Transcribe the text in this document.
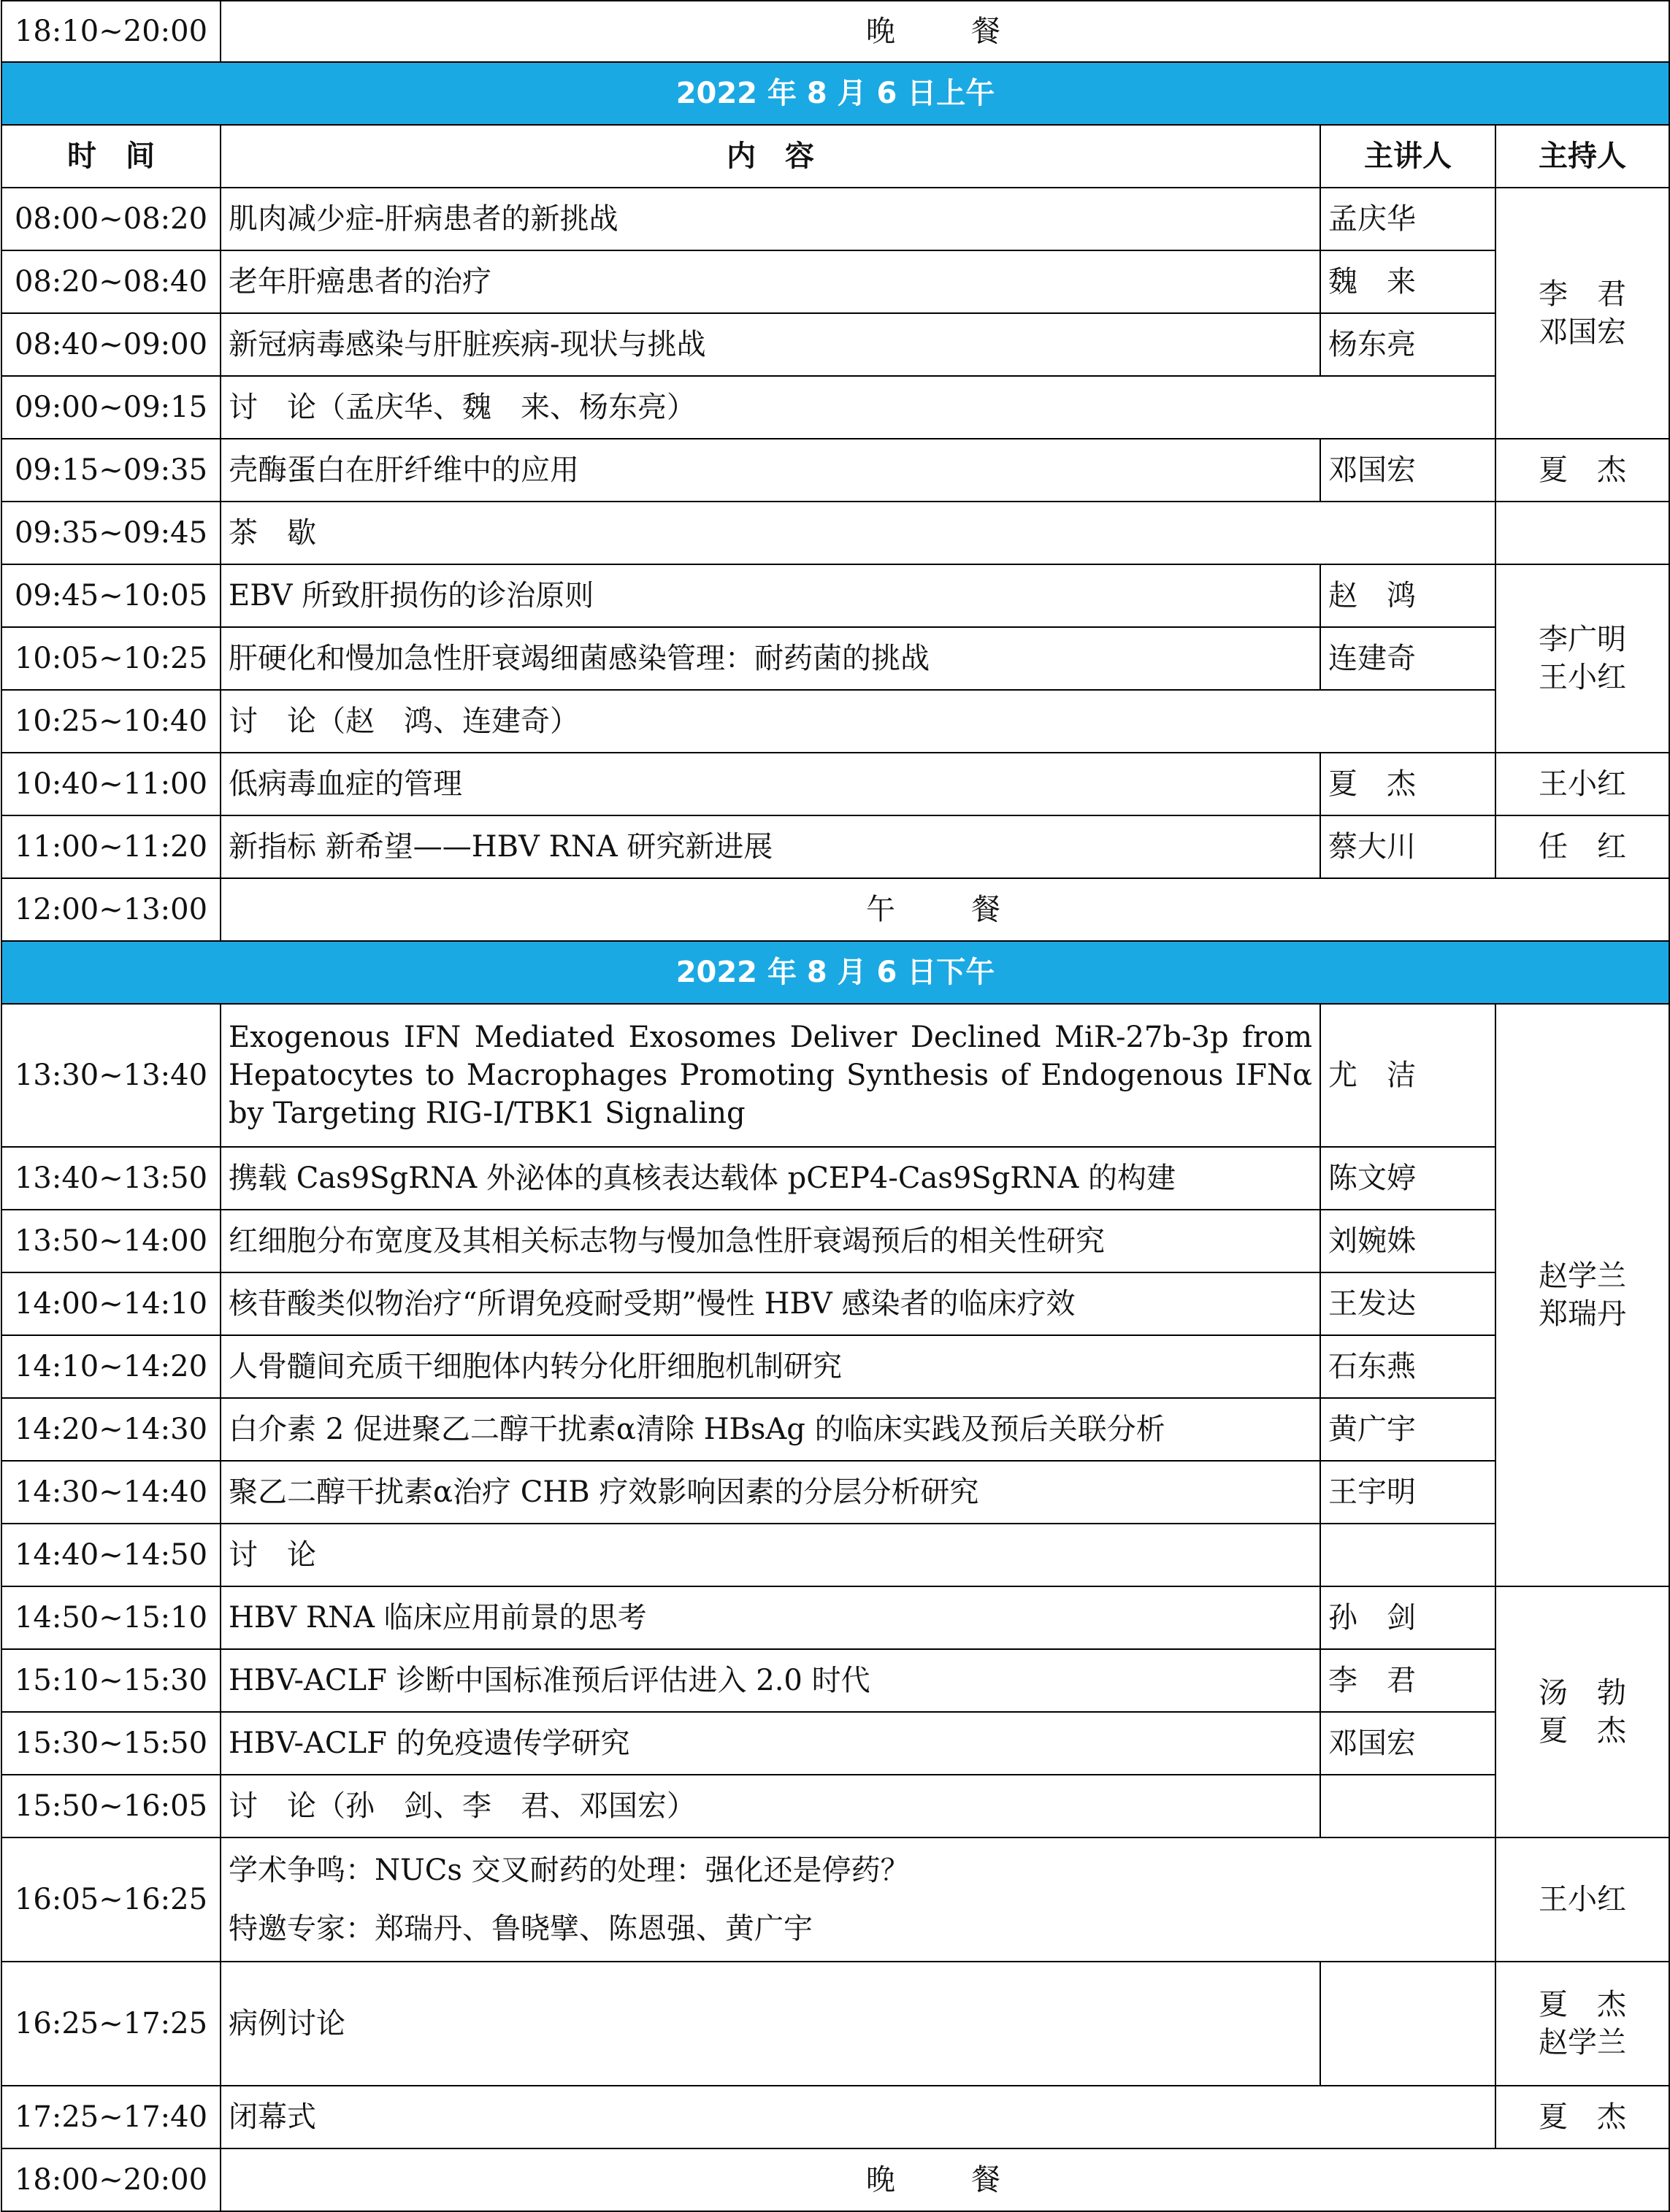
18:10~20:00	晚　餐		
2022 年 8 月 6 日上午			
时　间	内　容	主讲人	主持人
08:00~08:20	肌肉减少症-肝病患者的新挑战	孟庆华	李　君
邓国宏

08:20~08:40	老年肝癌患者的治疗	魏　来	
08:40~09:00	新冠病毒感染与肝脏疾病-现状与挑战	杨东亮	
09:00~09:15	讨　论（孟庆华、魏　来、杨东亮）		
09:15~09:35	壳酶蛋白在肝纤维中的应用	邓国宏	夏　杰
09:35~09:45	茶　歇		
09:45~10:05	EBV 所致肝损伤的诊治原则	赵　鸿	李广明
王小红

10:05~10:25	肝硬化和慢加急性肝衰竭细菌感染管理：耐药菌的挑战	连建奇	
10:25~10:40	讨　论（赵　鸿、连建奇）		
10:40~11:00	低病毒血症的管理	夏　杰	王小红
11:00~11:20	新指标 新希望——HBV RNA 研究新进展	蔡大川	任　红
12:00~13:00	午　餐		
2022 年 8 月 6 日下午			
13:30~13:40	Exogenous IFN Mediated Exosomes Deliver Declined MiR-27b-3p from Hepatocytes to Macrophages Promoting Synthesis of Endogenous IFNα by Targeting RIG-I/TBK1 Signaling	尤　洁	赵学兰
郑瑞丹

13:40~13:50	携载 Cas9SgRNA 外泌体的真核表达载体 pCEP4-Cas9SgRNA 的构建	陈文婷	
13:50~14:00	红细胞分布宽度及其相关标志物与慢加急性肝衰竭预后的相关性研究	刘婉姝	
14:00~14:10	核苷酸类似物治疗“所谓免疫耐受期”慢性 HBV 感染者的临床疗效	王发达	
14:10~14:20	人骨髓间充质干细胞体内转分化肝细胞机制研究	石东燕	
14:20~14:30	白介素 2 促进聚乙二醇干扰素α清除 HBsAg 的临床实践及预后关联分析	黄广宇	
14:30~14:40	聚乙二醇干扰素α治疗 CHB 疗效影响因素的分层分析研究	王宇明	
14:40~14:50	讨　论		
14:50~15:10	HBV RNA 临床应用前景的思考	孙　剑	汤　勃
夏　杰

15:10~15:30	HBV-ACLF 诊断中国标准预后评估进入 2.0 时代	李　君	
15:30~15:50	HBV-ACLF 的免疫遗传学研究	邓国宏	
15:50~16:05	讨　论（孙　剑、李　君、邓国宏）		
16:05~16:25	学术争鸣：NUCs 交叉耐药的处理：强化还是停药？
特邀专家：郑瑞丹、鲁晓擘、陈恩强、黄广宇		王小红
16:25~17:25	病例讨论		夏　杰
赵学兰

17:25~17:40	闭幕式		夏　杰
18:00~20:00	晚　餐		
